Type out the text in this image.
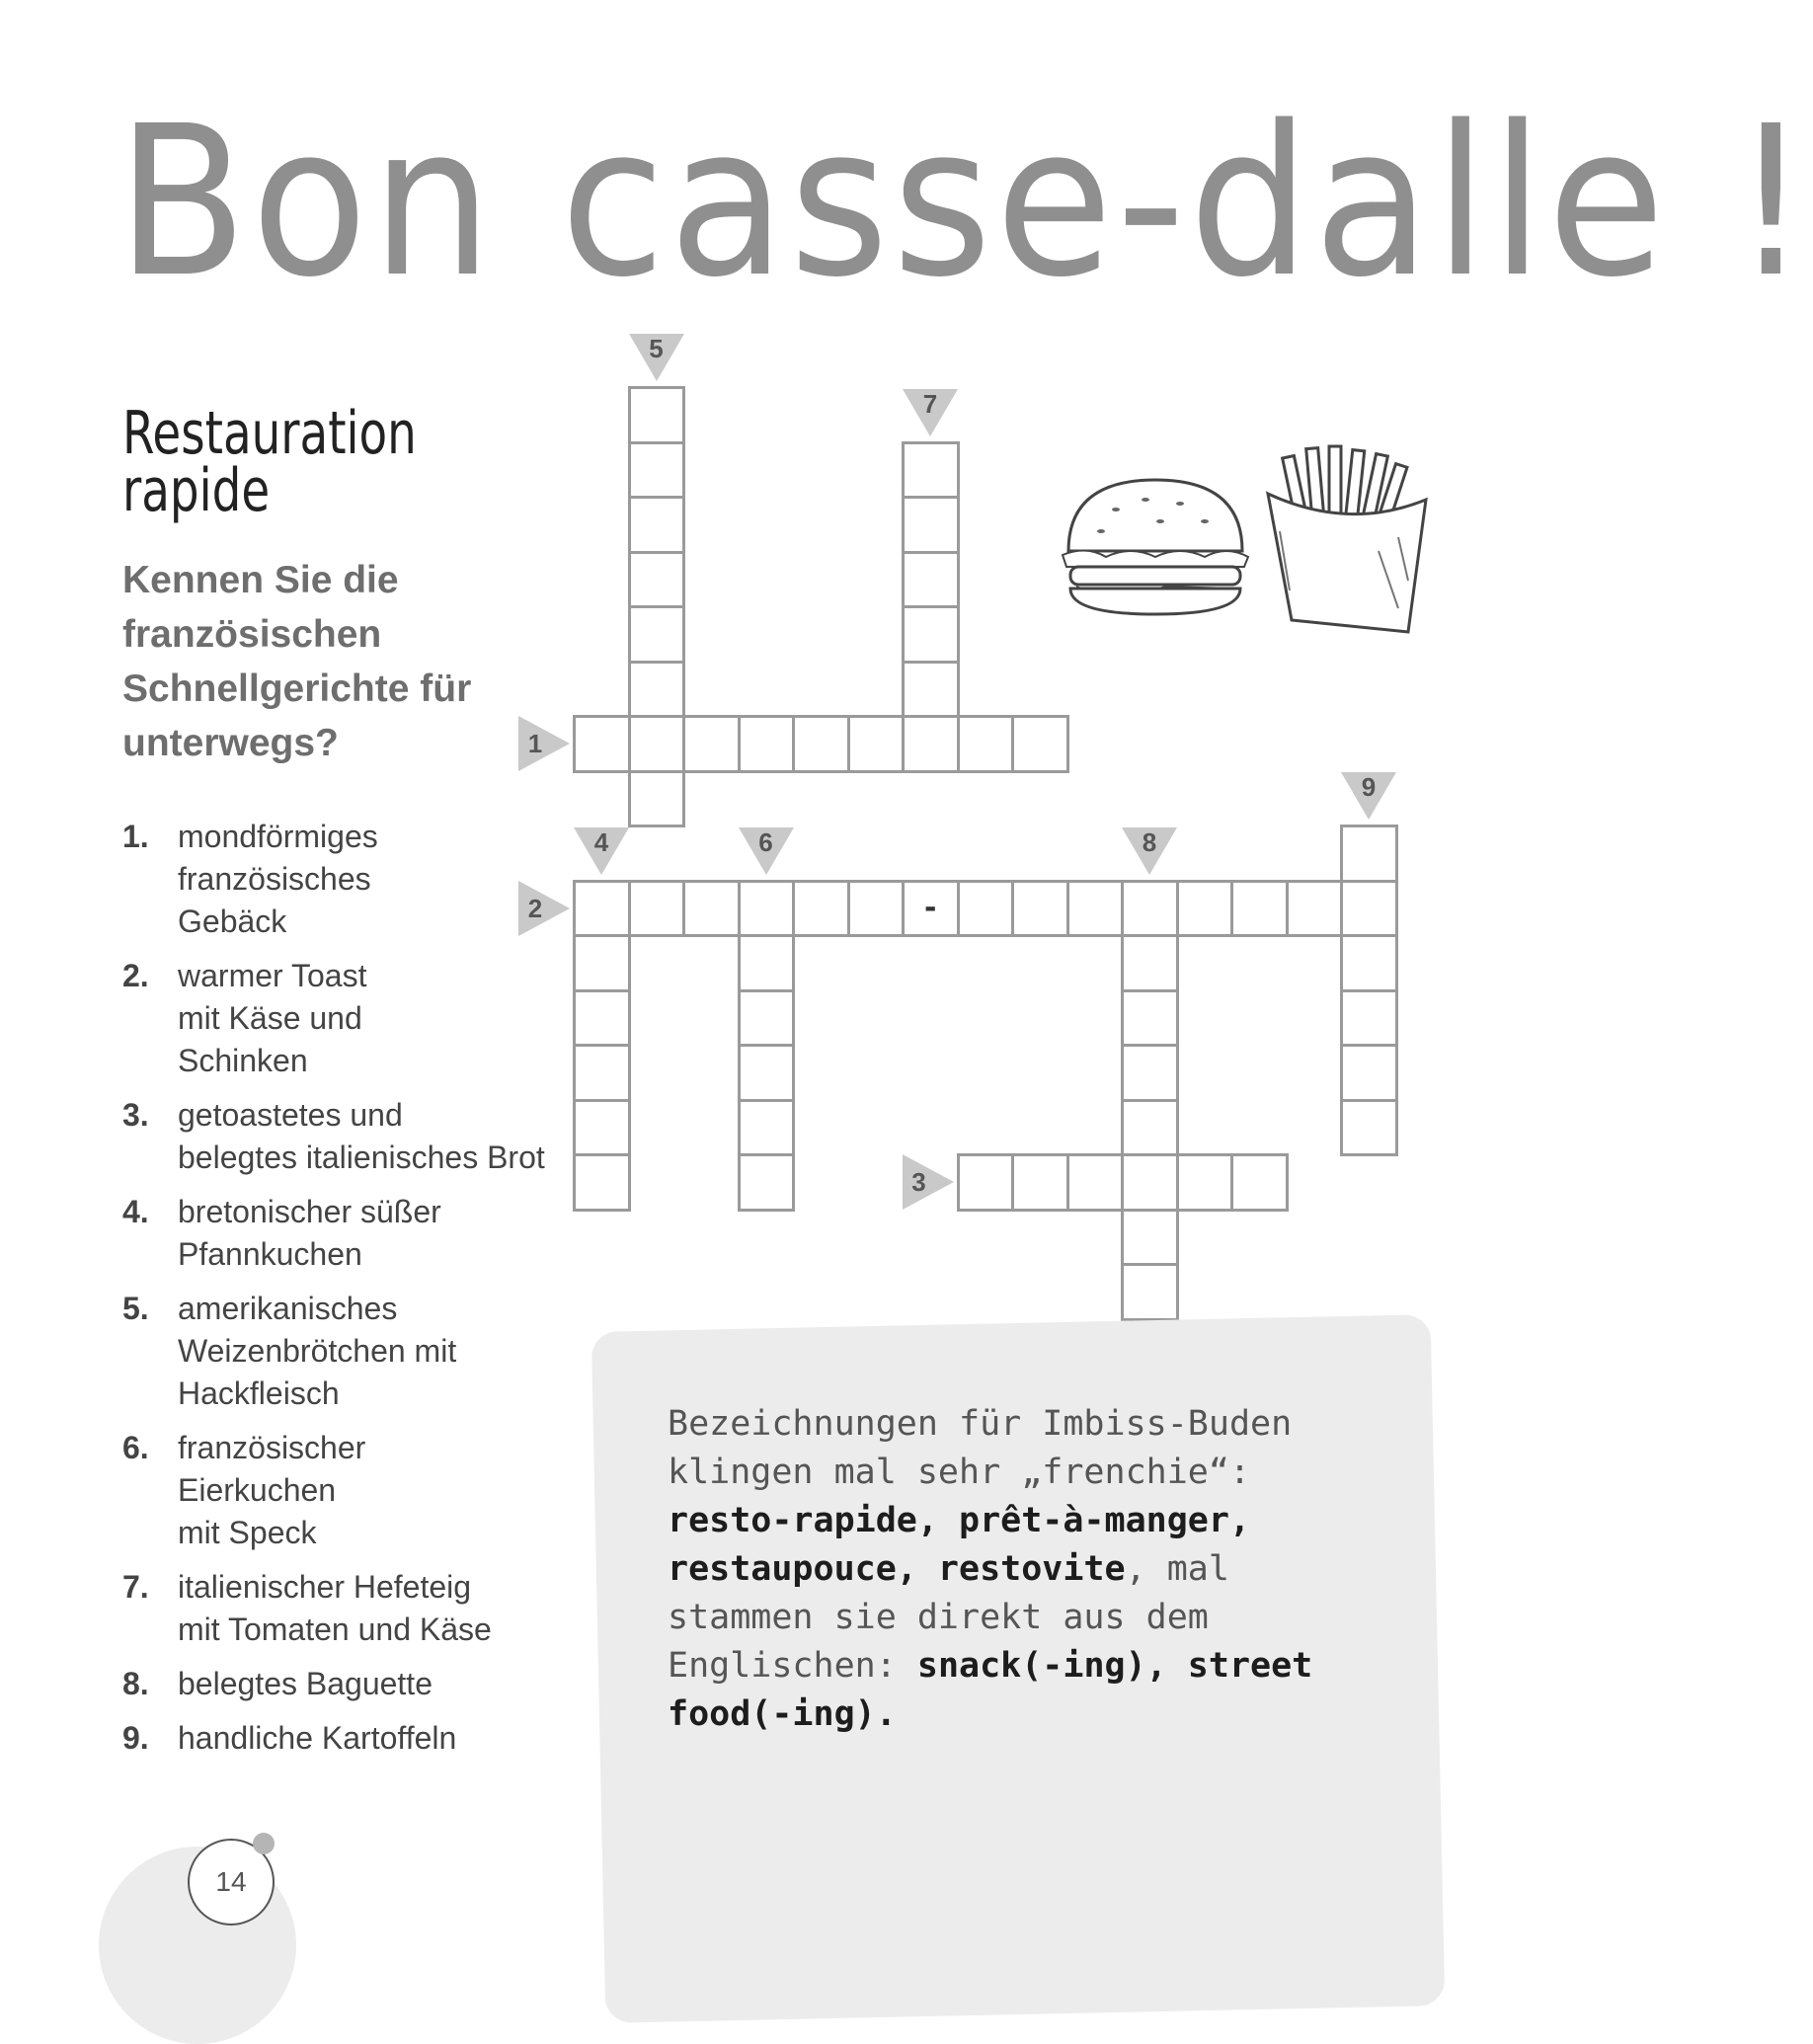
Bon casse-dalle !
Restauration
rapide
Kennen Sie die französischen Schnellgerichte für unterwegs?
1. mondförmiges
französisches
Gebäck
2. warmer Toast
mit Käse und
Schinken
3. getoastetes und
belegtes italienisches Brot
4. bretonischer süßer
Pfannkuchen
5. amerikanisches
Weizenbrötchen mit
Hackfleisch
6. französischer
Eierkuchen
mit Speck
7. italienischer Hefeteig
mit Tomaten und Käse
8. belegtes Baguette
9. handliche Kartoffeln
-
1
2
3
4
5
6
7
8
9
Bezeichnungen für Imbiss-Buden klingen mal sehr „frenchie“: resto-rapide, prêt-à-manger, restaupouce, restovite, mal stammen sie direkt aus dem Englischen: snack(-ing), street food(-ing).
14
